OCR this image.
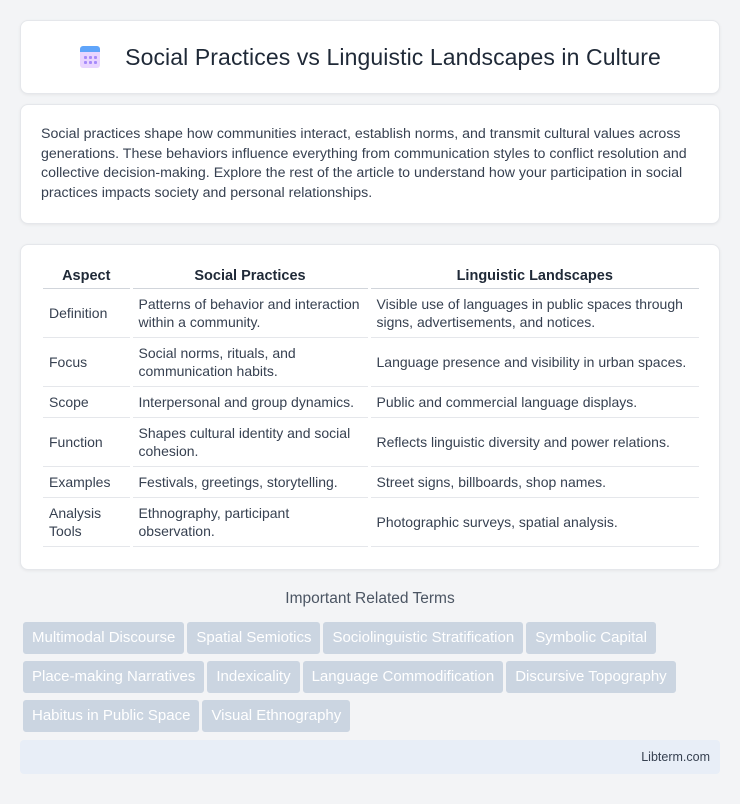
Social Practices vs Linguistic Landscapes in Culture

Social practices shape how communities interact, establish norms, and transmit cultural values across generations. These behaviors influence everything from communication styles to conflict resolution and collective decision-making. Explore the rest of the article to understand how your participation in social practices impacts society and personal relationships.

Aspect	Social Practices	Linguistic Landscapes
Definition	Patterns of behavior and interaction within a community.	Visible use of languages in public spaces through signs, advertisements, and notices.
Focus	Social norms, rituals, and communication habits.	Language presence and visibility in urban spaces.
Scope	Interpersonal and group dynamics.	Public and commercial language displays.
Function	Shapes cultural identity and social cohesion.	Reflects linguistic diversity and power relations.
Examples	Festivals, greetings, storytelling.	Street signs, billboards, shop names.
Analysis Tools	Ethnography, participant observation.	Photographic surveys, spatial analysis.
Important Related Terms
Multimodal Discourse Spatial Semiotics Sociolinguistic Stratification Symbolic CapitalPlace-making Narratives Indexicality Language Commodification Discursive TopographyHabitus in Public Space Visual Ethnography
Libterm.com
